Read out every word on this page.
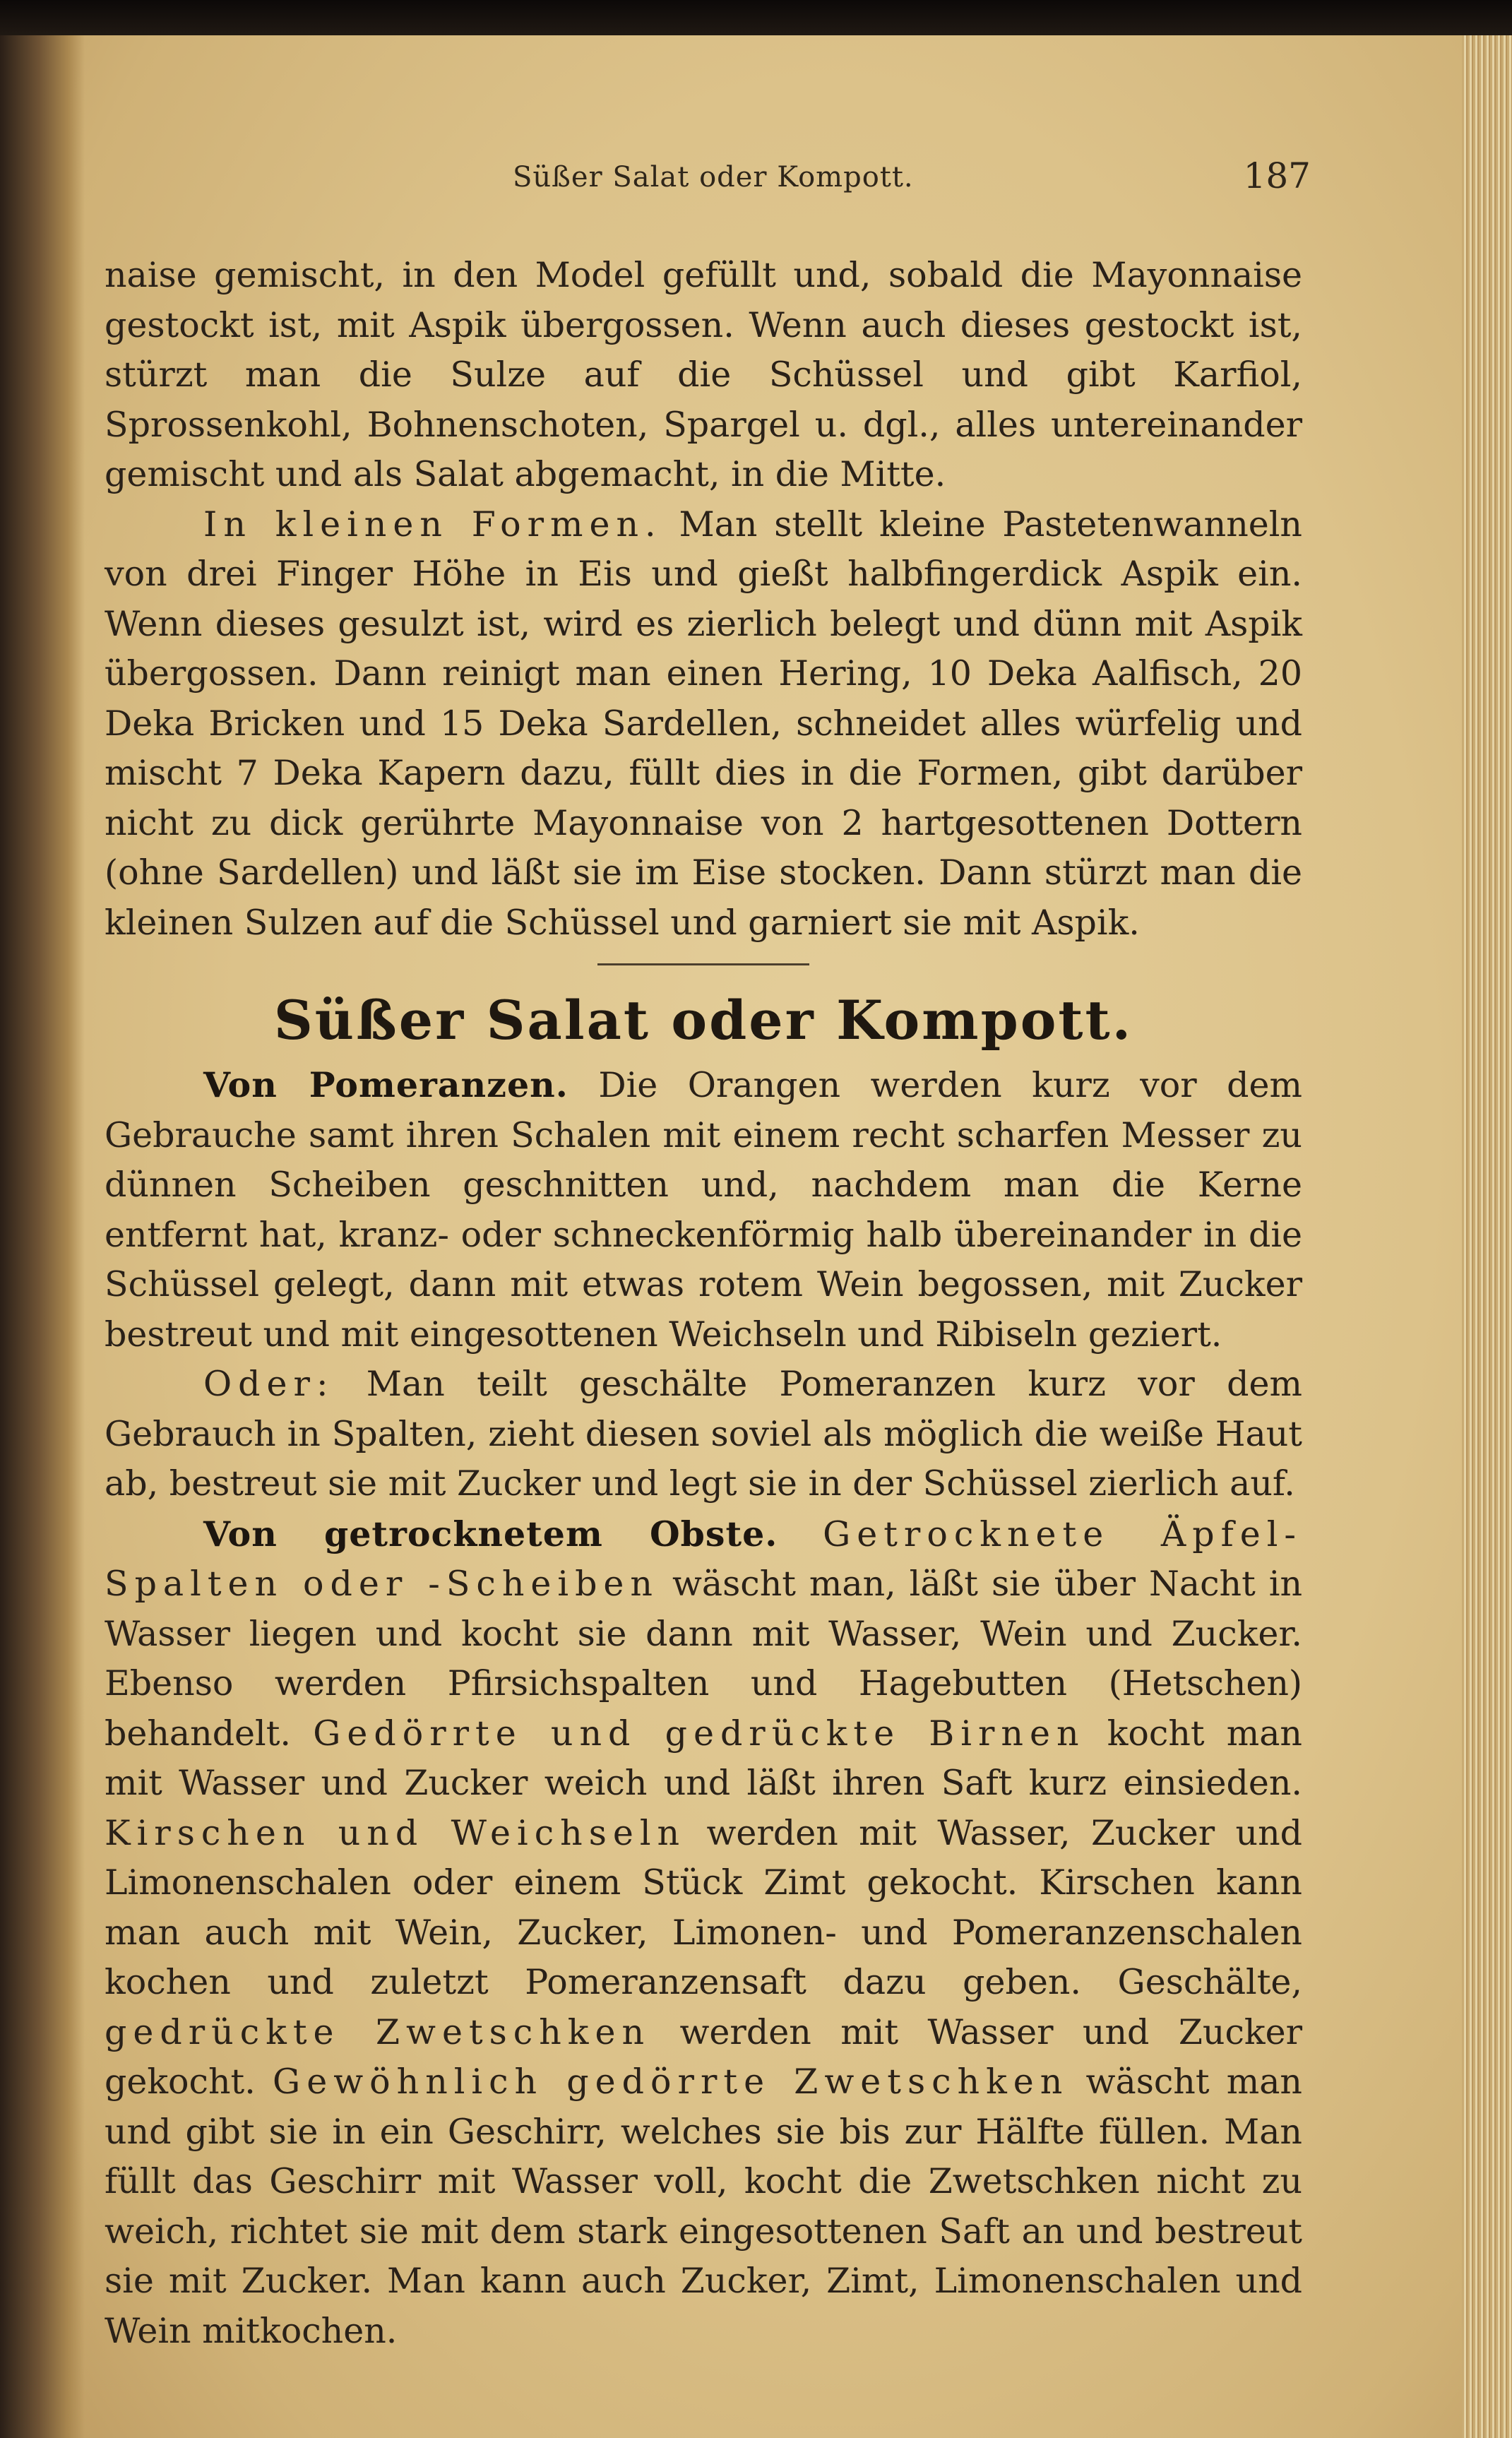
Süßer Salat oder Kompott.	187

naise gemischt, in den Model gefüllt und, sobald die Mayonnaise gestockt ist, mit Aspik übergossen. Wenn auch dieses gestockt ist, stürzt man die Sulze auf die Schüssel und gibt Karfiol, Sprossenkohl, Bohnenschoten, Spargel u. dgl., alles untereinander gemischt und als Salat abgemacht, in die Mitte.

In kleinen Formen. Man stellt kleine Pastetenwanneln von drei Finger Höhe in Eis und gießt halbfingerdick Aspik ein. Wenn dieses gesulzt ist, wird es zierlich belegt und dünn mit Aspik übergossen. Dann reinigt man einen Hering, 10 Deka Aalfisch, 20 Deka Bricken und 15 Deka Sardellen, schneidet alles würfelig und mischt 7 Deka Kapern dazu, füllt dies in die Formen, gibt darüber nicht zu dick gerührte Mayonnaise von 2 hartgesottenen Dottern (ohne Sardellen) und läßt sie im Eise stocken. Dann stürzt man die kleinen Sulzen auf die Schüssel und garniert sie mit Aspik.

Süßer Salat oder Kompott.

Von Pomeranzen. Die Orangen werden kurz vor dem Gebrauche samt ihren Schalen mit einem recht scharfen Messer zu dünnen Scheiben geschnitten und, nachdem man die Kerne entfernt hat, kranz- oder schneckenförmig halb übereinander in die Schüssel gelegt, dann mit etwas rotem Wein begossen, mit Zucker bestreut und mit eingesottenen Weichseln und Ribiseln geziert.

Oder: Man teilt geschälte Pomeranzen kurz vor dem Gebrauch in Spalten, zieht diesen soviel als möglich die weiße Haut ab, bestreut sie mit Zucker und legt sie in der Schüssel zierlich auf.

Von getrocknetem Obste. Getrocknete Äpfel-Spalten oder -Scheiben wäscht man, läßt sie über Nacht in Wasser liegen und kocht sie dann mit Wasser, Wein und Zucker. Ebenso werden Pfirsichspalten und Hagebutten (Hetschen) behandelt. Gedörrte und gedrückte Birnen kocht man mit Wasser und Zucker weich und läßt ihren Saft kurz einsieden. Kirschen und Weichseln werden mit Wasser, Zucker und Limonenschalen oder einem Stück Zimt gekocht. Kirschen kann man auch mit Wein, Zucker, Limonen- und Pomeranzenschalen kochen und zuletzt Pomeranzensaft dazu geben. Geschälte, gedrückte Zwetschken werden mit Wasser und Zucker gekocht. Gewöhnlich gedörrte Zwetschken wäscht man und gibt sie in ein Geschirr, welches sie bis zur Hälfte füllen. Man füllt das Geschirr mit Wasser voll, kocht die Zwetschken nicht zu weich, richtet sie mit dem stark eingesottenen Saft an und bestreut sie mit Zucker. Man kann auch Zucker, Zimt, Limonenschalen und Wein mitkochen.
